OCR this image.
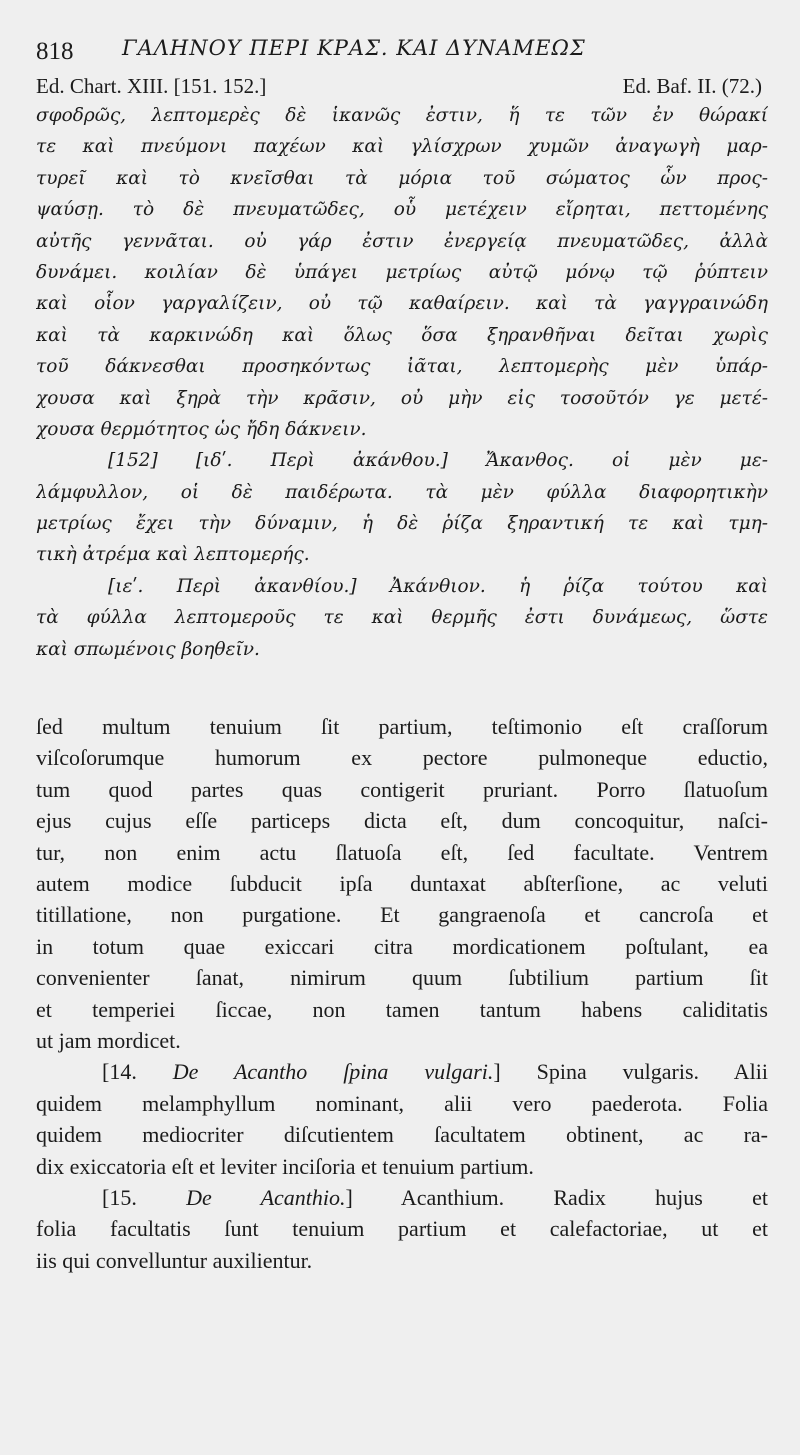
818 ΓΑΛΗΝΟΥ ΠΕΡΙ ΚΡΑΣ. ΚΑΙ ΔΥΝΑΜΕΩΣ
Ed. Chart. XIII. [151. 152.]	Ed. Baf. II. (72.)
σφοδρῶς, λεπτομερὲς δὲ ἱκανῶς ἐστιν, ἥ τε τῶν ἐν θώρακί
τε καὶ πνεύμονι παχέων καὶ γλίσχρων χυμῶν ἀναγωγὴ μαρ-
τυρεῖ καὶ τὸ κνεῖσθαι τὰ μόρια τοῦ σώματος ὧν προς-
ψαύσῃ. τὸ δὲ πνευματῶδες, οὗ μετέχειν εἴρηται, πεττομένης
αὐτῆς γεννᾶται. οὐ γάρ ἐστιν ἐνεργείᾳ πνευματῶδες, ἀλλὰ
δυνάμει. κοιλίαν δὲ ὑπάγει μετρίως αὐτῷ μόνῳ τῷ ῥύπτειν
καὶ οἷον γαργαλίζειν, οὐ τῷ καθαίρειν. καὶ τὰ γαγγραινώδη
καὶ τὰ καρκινώδη καὶ ὅλως ὅσα ξηρανθῆναι δεῖται χωρὶς
τοῦ δάκνεσθαι προσηκόντως ἰᾶται, λεπτομερὴς μὲν ὑπάρ-
χουσα καὶ ξηρὰ τὴν κρᾶσιν, οὐ μὴν εἰς τοσοῦτόν γε μετέ-
χουσα θερμότητος ὡς ἤδη δάκνειν.
[152] [ιδʹ. Περὶ ἀκάνθου.] Ἄκανθος. οἱ μὲν με-
λάμφυλλον, οἱ δὲ παιδέρωτα. τὰ μὲν φύλλα διαφορητικὴν
μετρίως ἔχει τὴν δύναμιν, ἡ δὲ ῥίζα ξηραντική τε καὶ τμη-
τικὴ ἀτρέμα καὶ λεπτομερής.
[ιεʹ. Περὶ ἀκανθίου.] Ἀκάνθιον. ἡ ῥίζα τούτου καὶ
τὰ φύλλα λεπτομεροῦς τε καὶ θερμῆς ἐστι δυνάμεως, ὥστε
καὶ σπωμένοις βοηθεῖν.
ſed multum tenuium ſit partium, teſtimonio eſt craſſorum
viſcoſorumque humorum ex pectore pulmoneque eductio,
tum quod partes quas contigerit pruriant. Porro ſlatuoſum
ejus cujus eſſe particeps dicta eſt, dum concoquitur, naſci-
tur, non enim actu ſlatuoſa eſt, ſed facultate. Ventrem
autem modice ſubducit ipſa duntaxat abſterſione, ac veluti
titillatione, non purgatione. Et gangraenoſa et cancroſa et
in totum quae exiccari citra mordicationem poſtulant, ea
convenienter ſanat, nimirum quum ſubtilium partium ſit
et temperiei ſiccae, non tamen tantum habens caliditatis
ut jam mordicet.
[14. De Acantho ſpina vulgari.] Spina vulgaris. Alii
quidem melamphyllum nominant, alii vero paederota. Folia
quidem mediocriter diſcutientem ſacultatem obtinent, ac ra-
dix exiccatoria eſt et leviter inciſoria et tenuium partium.
[15. De Acanthio.] Acanthium. Radix hujus et
folia facultatis ſunt tenuium partium et calefactoriae, ut et
iis qui convelluntur auxilientur.
